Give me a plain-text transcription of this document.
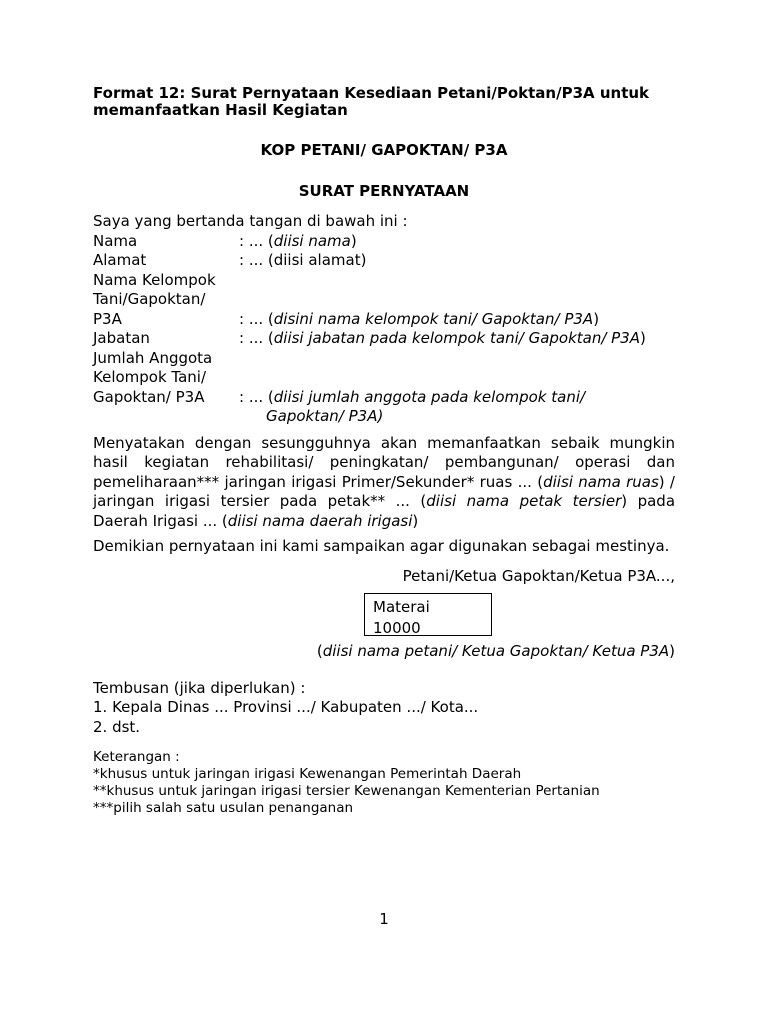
Format 12: Surat Pernyataan Kesediaan Petani/Poktan/P3A untuk memanfaatkan Hasil Kegiatan

KOP PETANI/ GAPOKTAN/ P3A

SURAT PERNYATAAN

Saya yang bertanda tangan di bawah ini :
Nama	: ... (diisi nama)
Alamat	: ... (diisi alamat)
Nama Kelompok
Tani/Gapoktan/
P3A	: ... (disini nama kelompok tani/ Gapoktan/ P3A)
Jabatan	: ... (diisi jabatan pada kelompok tani/ Gapoktan/ P3A)
Jumlah Anggota
Kelompok Tani/
Gapoktan/ P3A	: ... (diisi jumlah anggota pada kelompok tani/
Gapoktan/ P3A)
Menyatakan dengan sesungguhnya akan memanfaatkan sebaik mungkin hasil kegiatan rehabilitasi/ peningkatan/ pembangunan/ operasi dan pemeliharaan*** jaringan irigasi Primer/Sekunder* ruas ... (diisi nama ruas) / jaringan irigasi tersier pada petak** ... (diisi nama petak tersier) pada Daerah Irigasi ... (diisi nama daerah irigasi)
Demikian pernyataan ini kami sampaikan agar digunakan sebagai mestinya.
Petani/Ketua Gapoktan/Ketua P3A...,
Materai
10000
(diisi nama petani/ Ketua Gapoktan/ Ketua P3A)
Tembusan (jika diperlukan) :
1. Kepala Dinas ... Provinsi .../ Kabupaten .../ Kota...
2. dst.
Keterangan :
*khusus untuk jaringan irigasi Kewenangan Pemerintah Daerah
**khusus untuk jaringan irigasi tersier Kewenangan Kementerian Pertanian
***pilih salah satu usulan penanganan
1
